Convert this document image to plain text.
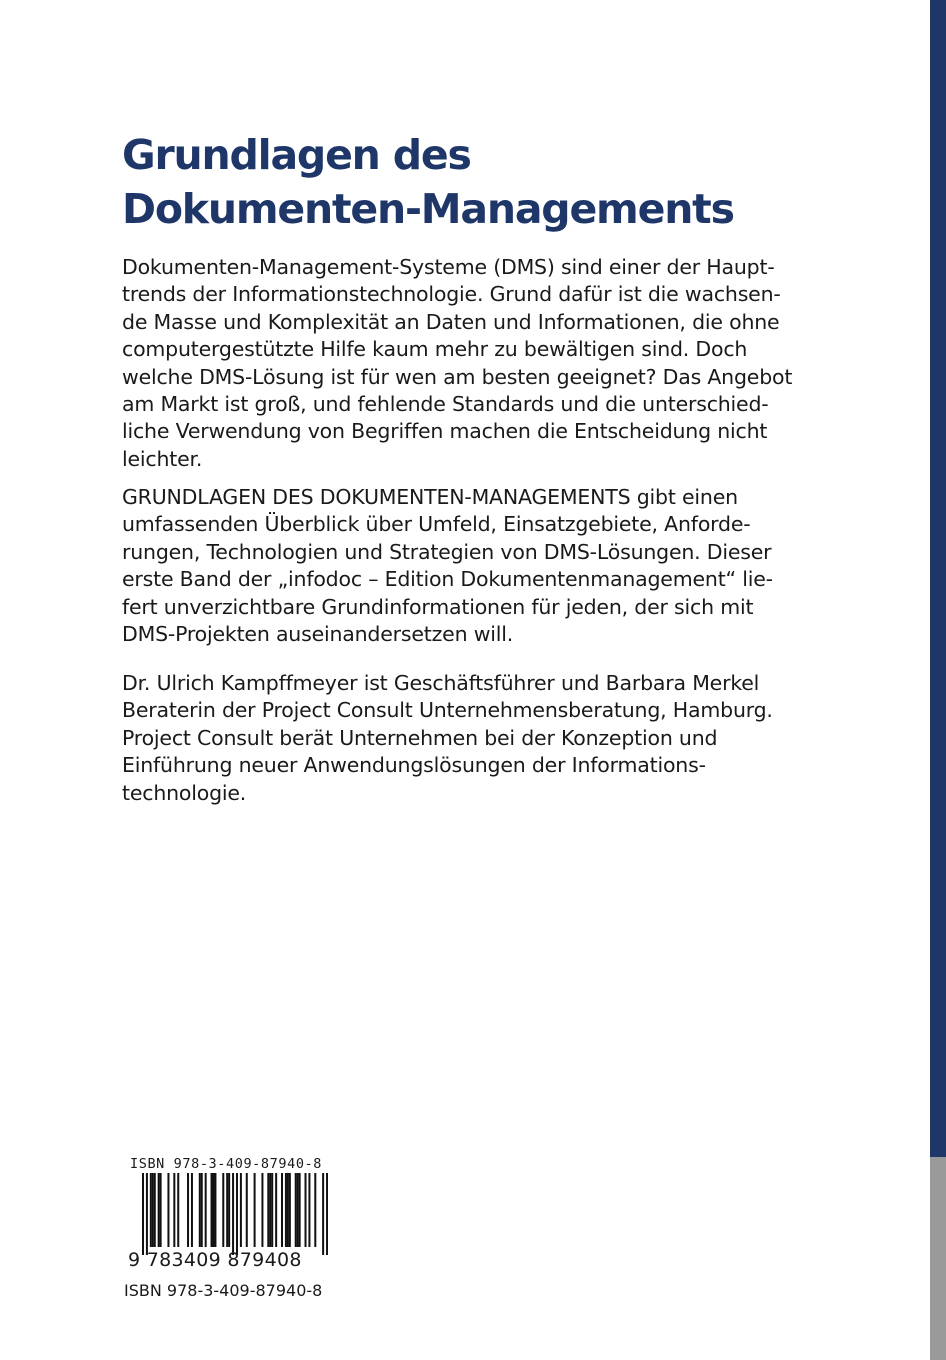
Grundlagen des
Dokumenten-Managements

Dokumenten-Management-Systeme (DMS) sind einer der Haupt-
trends der Informationstechnologie. Grund dafür ist die wachsen-
de Masse und Komplexität an Daten und Informationen, die ohne
computergestützte Hilfe kaum mehr zu bewältigen sind. Doch
welche DMS-Lösung ist für wen am besten geeignet? Das Angebot
am Markt ist groß, und fehlende Standards und die unterschied-
liche Verwendung von Begriffen machen die Entscheidung nicht
leichter.

GRUNDLAGEN DES DOKUMENTEN-MANAGEMENTS gibt einen
umfassenden Überblick über Umfeld, Einsatzgebiete, Anforde-
rungen, Technologien und Strategien von DMS-Lösungen. Dieser
erste Band der „infodoc – Edition Dokumentenmanagement“ lie-
fert unverzichtbare Grundinformationen für jeden, der sich mit
DMS-Projekten auseinandersetzen will.

Dr. Ulrich Kampffmeyer ist Geschäftsführer und Barbara Merkel
Beraterin der Project Consult Unternehmensberatung, Hamburg.
Project Consult berät Unternehmen bei der Konzeption und
Einführung neuer Anwendungslösungen der Informations-
technologie.

ISBN 978-3-409-87940-8
9 783409 879408
ISBN 978-3-409-87940-8
